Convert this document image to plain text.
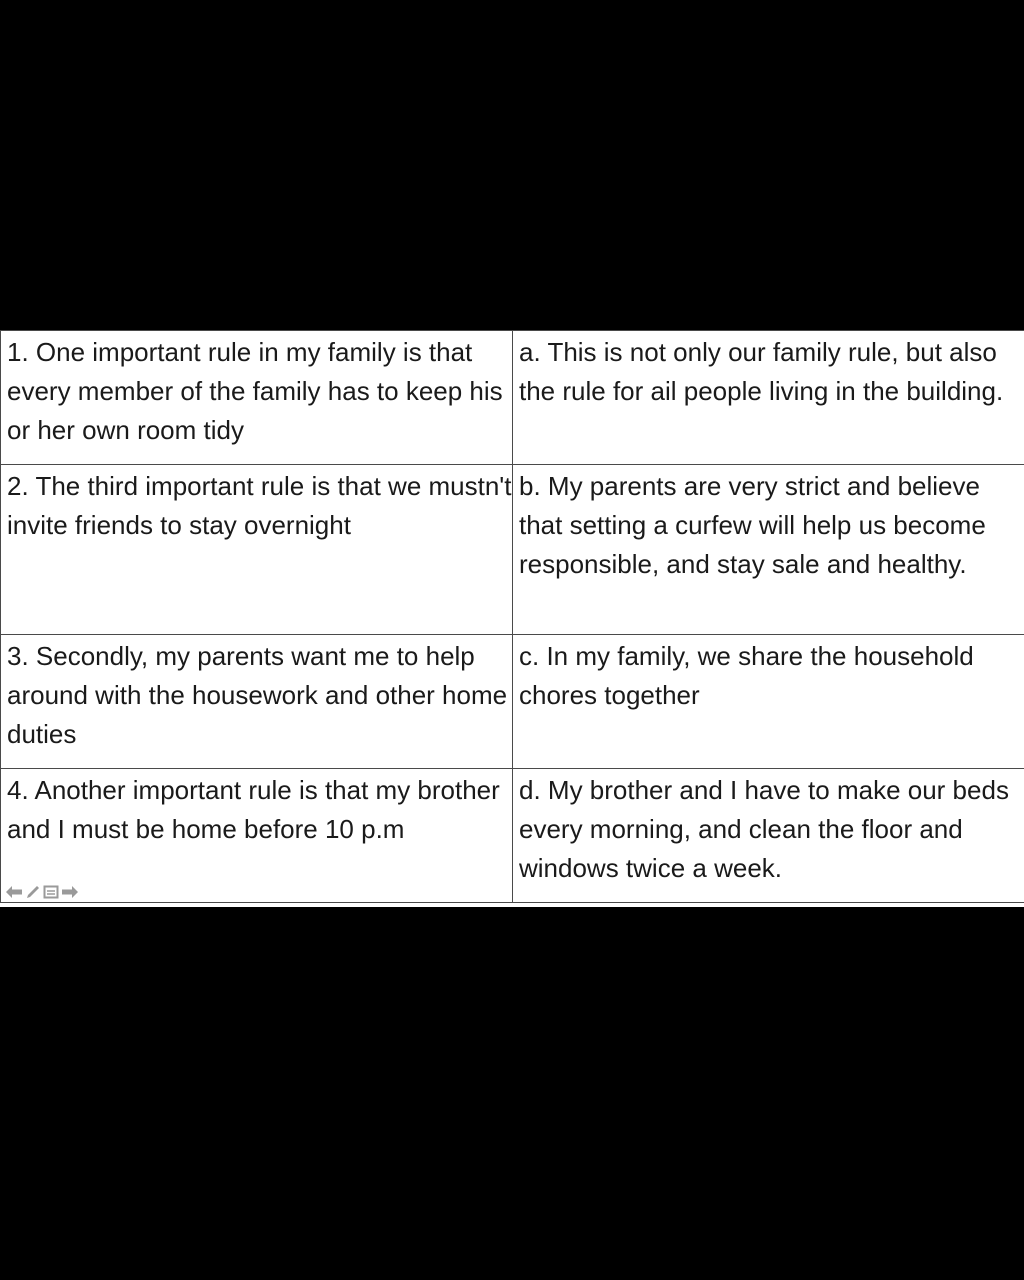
1. One important rule in my family is that every member of the family has to keep his or her own room tidy	a. This is not only our family rule, but also the rule for ail people living in the building.

2. The third important rule is that we mustn't invite friends to stay overnight	b. My parents are very strict and believe that setting a curfew will help us become responsible, and stay sale and healthy.

3. Secondly, my parents want me to help around with the housework and other home duties	c. In my family, we share the household chores together

4. Another important rule is that my brother and I must be home before 10 p.m	d. My brother and I have to make our beds every morning, and clean the floor and windows twice a week.
